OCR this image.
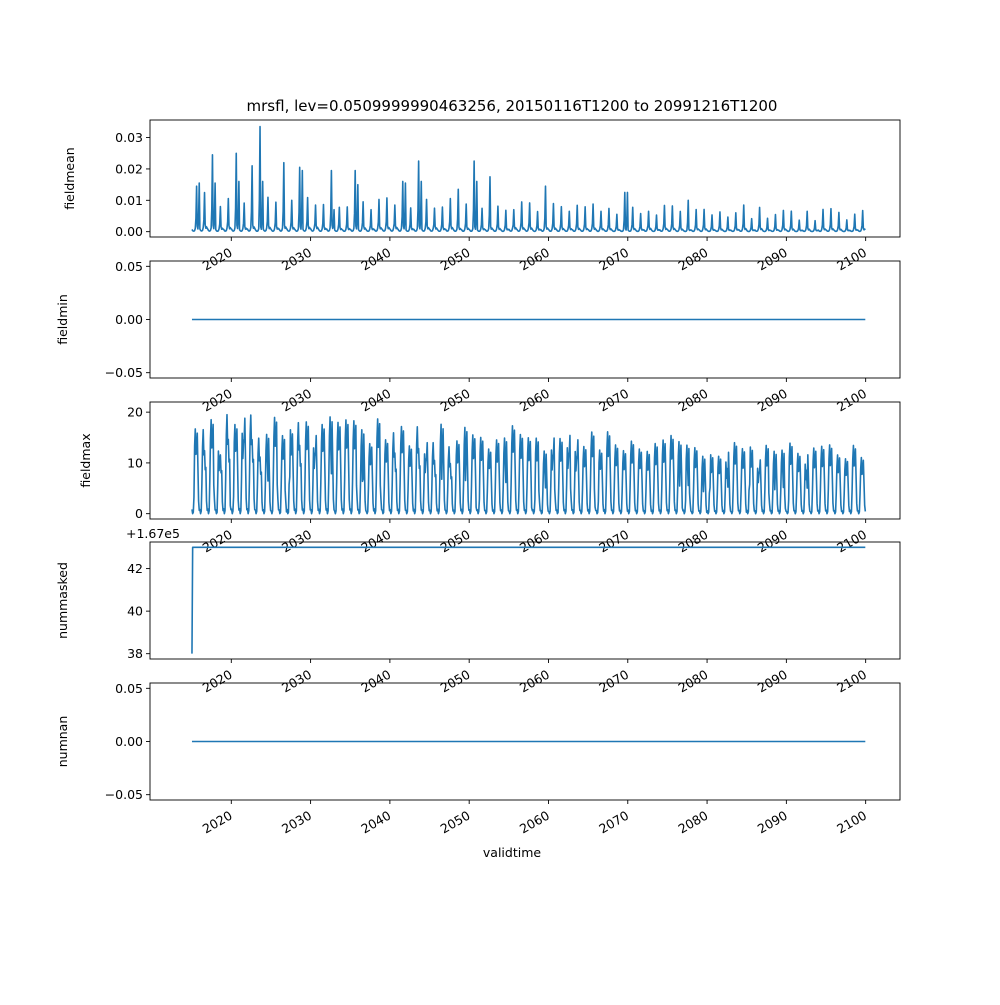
mrsfl, lev=0.0509999990463256, 20150116T1200 to 20991216T1200
0.00
0.01
0.02
0.03
fieldmean
2020	2030	2040	2050	2060	2070	2080	2090	2100
0.05
0.00
−0.05
fieldmin
2020	2030	2040	2050	2060	2070	2080	2090	2100
20
10
0
fieldmax
2020	2030	2040	2050	2060	2070	2080	2090	2100
42
40
38
nummasked
+1.67e5
2020	2030	2040	2050	2060	2070	2080	2090	2100
0.05
0.00
−0.05
numnan
2020	2030	2040	2050	2060	2070	2080	2090	2100
validtime
